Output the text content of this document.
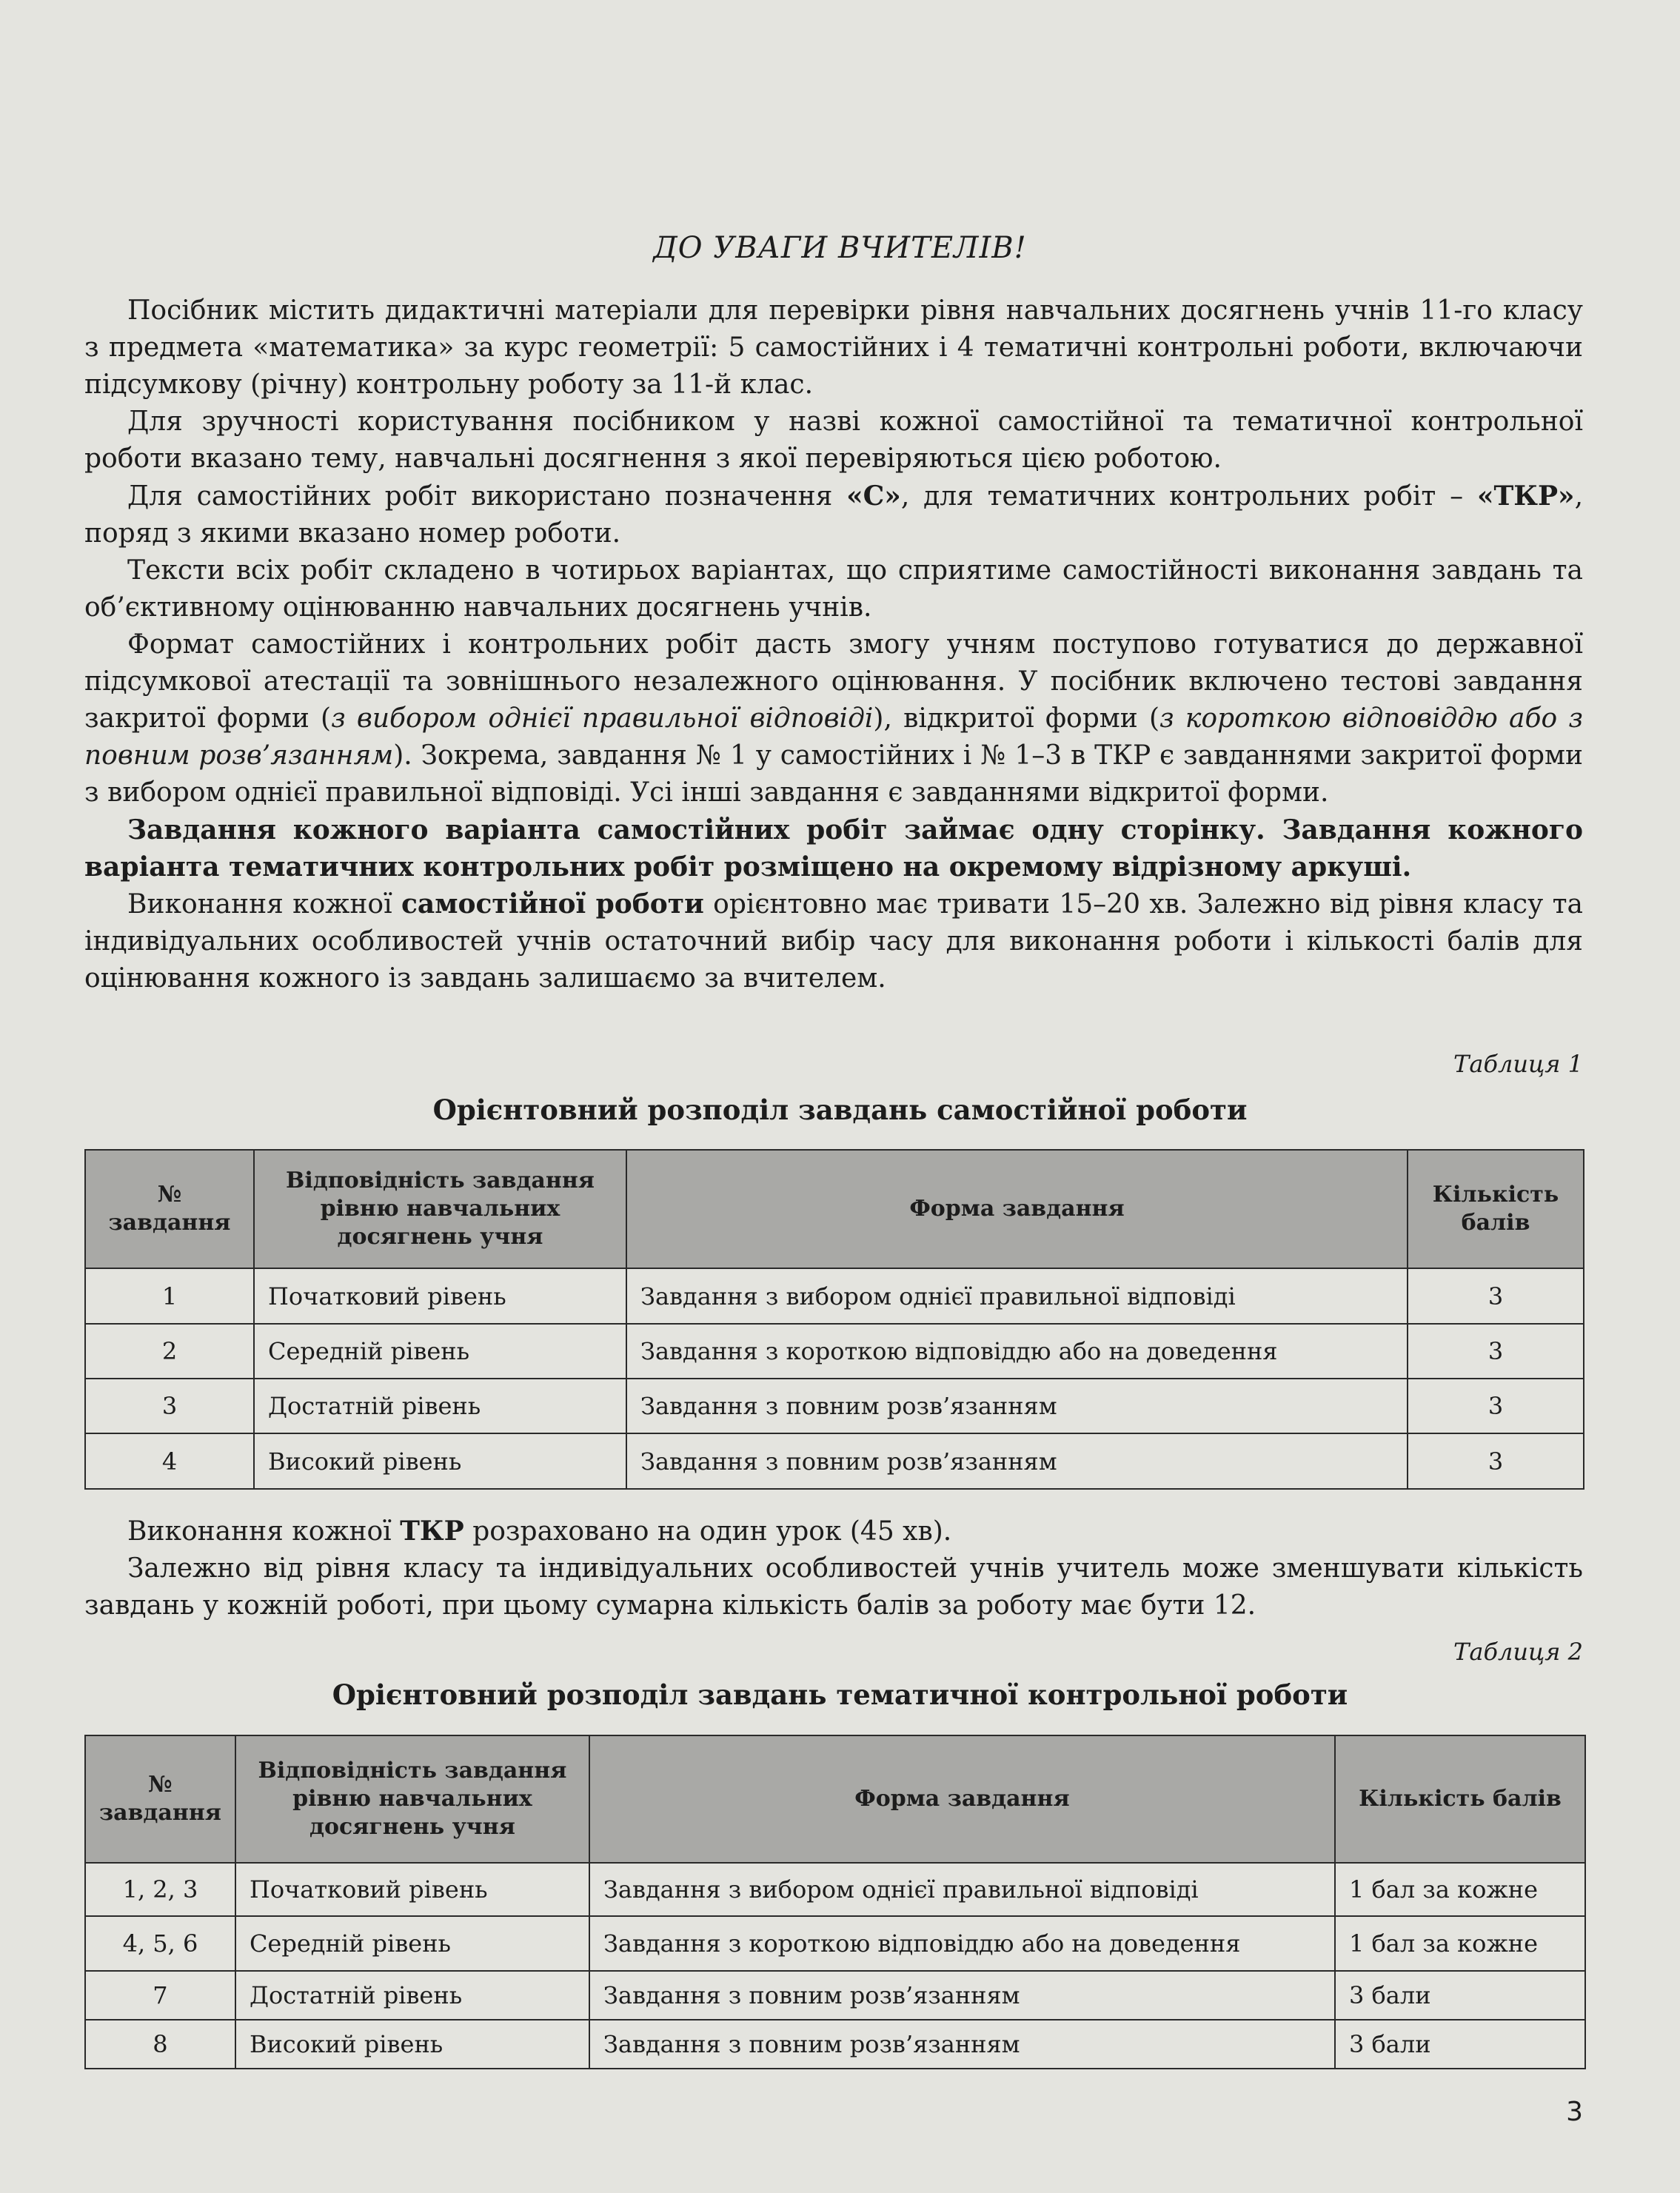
ДО УВАГИ ВЧИТЕЛІВ!

Посібник містить дидактичні матеріали для перевірки рівня навчальних досягнень учнів 11-го класу з предмета «математика» за курс геометрії: 5 самостійних і 4 тематичні контрольні роботи, включаючи підсумкову (річну) контрольну роботу за 11-й клас.

Для зручності користування посібником у назві кожної самостійної та тематичної контрольної роботи вказано тему, навчальні досягнення з якої перевіряються цією роботою.

Для самостійних робіт використано позначення «С», для тематичних контрольних робіт – «ТКР», поряд з якими вказано номер роботи.

Тексти всіх робіт складено в чотирьох варіантах, що сприятиме самостійності виконання завдань та об’єктивному оцінюванню навчальних досягнень учнів.

Формат самостійних і контрольних робіт дасть змогу учням поступово готуватися до державної підсумкової атестації та зовнішнього незалежного оцінювання. У посібник включено тестові завдання закритої форми (з вибором однієї правильної відповіді), відкритої форми (з короткою відповіддю або з повним розв’язанням). Зокрема, завдання № 1 у самостійних і № 1–3 в ТКР є завданнями закритої форми з вибором однієї правильної відповіді. Усі інші завдання є завданнями відкритої форми.

Завдання кожного варіанта самостійних робіт займає одну сторінку. Завдання кожного варіанта тематичних контрольних робіт розміщено на окремому відрізному аркуші.

Виконання кожної самостійної роботи орієнтовно має тривати 15–20 хв. Залежно від рівня класу та індивідуальних особливостей учнів остаточний вибір часу для виконання роботи і кількості балів для оцінювання кожного із завдань залишаємо за вчителем.

Таблиця 1
Орієнтовний розподіл завдань самостійної роботи
№ завдання	Відповідність завдання рівню навчальних досягнень учня	Форма завдання	Кількість балів
1	Початковий рівень	Завдання з вибором однієї правильної відповіді	3
2	Середній рівень	Завдання з короткою відповіддю або на доведення	3
3	Достатній рівень	Завдання з повним розв’язанням	3
4	Високий рівень	Завдання з повним розв’язанням	3

Виконання кожної ТКР розраховано на один урок (45 хв).

Залежно від рівня класу та індивідуальних особливостей учнів учитель може зменшувати кількість завдань у кожній роботі, при цьому сумарна кількість балів за роботу має бути 12.

Таблиця 2
Орієнтовний розподіл завдань тематичної контрольної роботи
№ завдання	Відповідність завдання рівню навчальних досягнень учня	Форма завдання	Кількість балів
1, 2, 3	Початковий рівень	Завдання з вибором однієї правильної відповіді	1 бал за кожне
4, 5, 6	Середній рівень	Завдання з короткою відповіддю або на доведення	1 бал за кожне
7	Достатній рівень	Завдання з повним розв’язанням	3 бали
8	Високий рівень	Завдання з повним розв’язанням	3 бали
3
